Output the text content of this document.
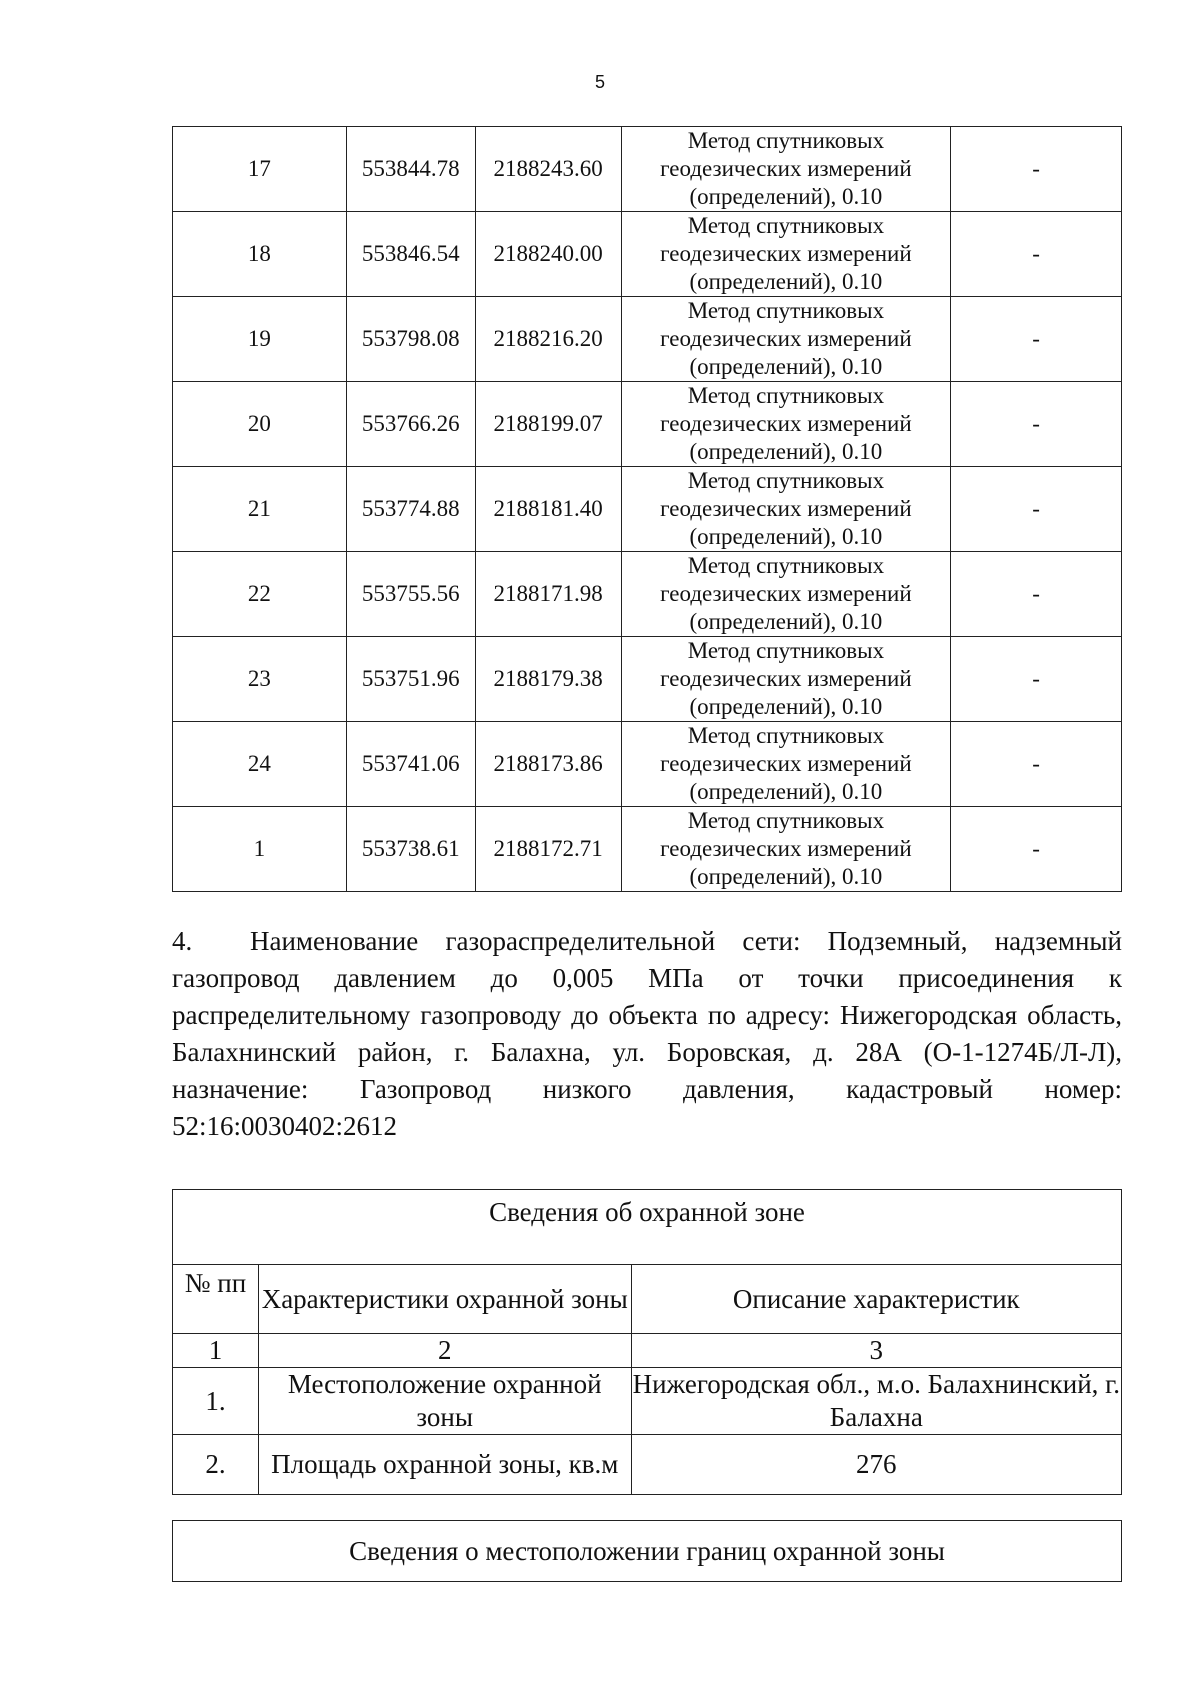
5
17	553844.78	2188243.60	Метод спутниковых
геодезических измерений
(определений), 0.10	-
18	553846.54	2188240.00	Метод спутниковых
геодезических измерений
(определений), 0.10	-
19	553798.08	2188216.20	Метод спутниковых
геодезических измерений
(определений), 0.10	-
20	553766.26	2188199.07	Метод спутниковых
геодезических измерений
(определений), 0.10	-
21	553774.88	2188181.40	Метод спутниковых
геодезических измерений
(определений), 0.10	-
22	553755.56	2188171.98	Метод спутниковых
геодезических измерений
(определений), 0.10	-
23	553751.96	2188179.38	Метод спутниковых
геодезических измерений
(определений), 0.10	-
24	553741.06	2188173.86	Метод спутниковых
геодезических измерений
(определений), 0.10	-
1	553738.61	2188172.71	Метод спутниковых
геодезических измерений
(определений), 0.10	-
4. Наименование газораспределительной сети: Подземный, надземный газопровод давлением до 0,005 МПа от точки присоединения к распределительному газопроводу до объекта по адресу: Нижегородская область, Балахнинский район, г. Балахна, ул. Боровская, д. 28А (О-1-1274Б/Л-Л), назначение: Газопровод низкого давления, кадастровый номер: 52:16:0030402:2612
Сведения об охранной зоне		
№ пп	Характеристики охранной зоны	Описание характеристик
1	2	3
1.	Местоположение охранной зоны	Нижегородская обл., м.о. Балахнинский, г. Балахна
2.	Площадь охранной зоны, кв.м	276
Сведения о местоположении границ охранной зоны
